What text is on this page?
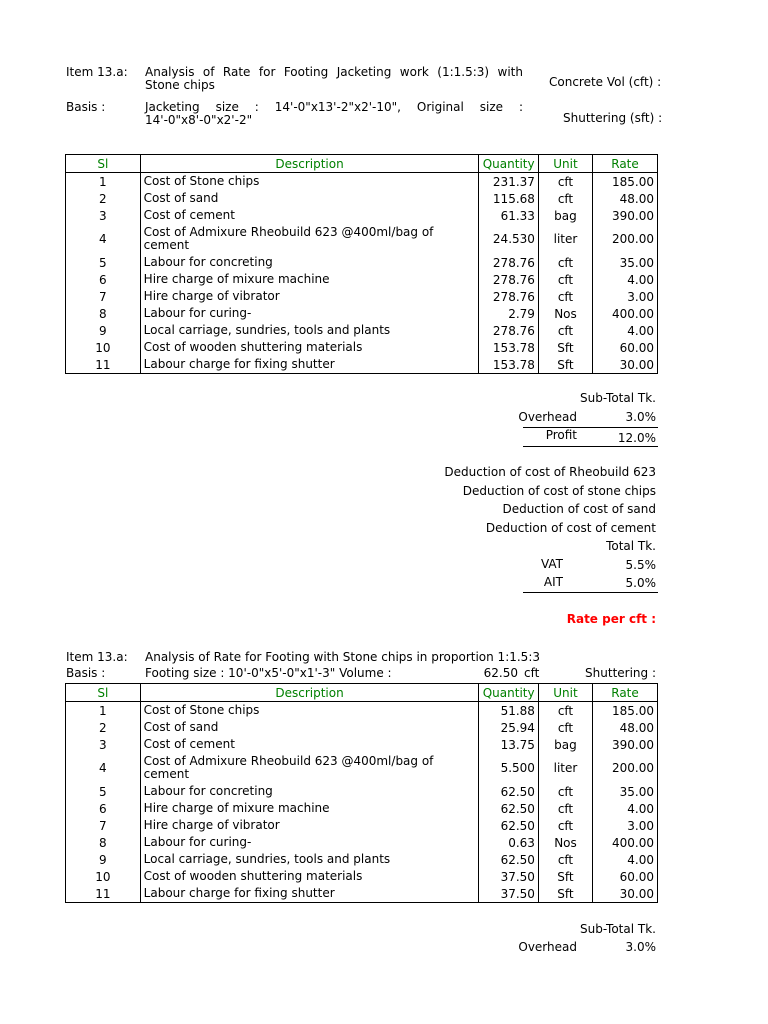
Item 13.a: Analysis of Rate for Footing Jacketing work (1:1.5:3) with Stone chips	Concrete Vol (cft) :
Basis :	Jacketing size : 14'-0"x13'-2"x2'-10", Original size : 14'-0"x8'-0"x2'-2"	Shuttering (sft) :
Sl	Description	Quantity	Unit	Rate
1	Cost of Stone chips	231.37	cft	185.00
2	Cost of sand	115.68	cft	48.00
3	Cost of cement	61.33	bag	390.00
4	Cost of Admixure Rheobuild 623 @400ml/bag of cement	24.530	liter	200.00
5	Labour for concreting	278.76	cft	35.00
6	Hire charge of mixure machine	278.76	cft	4.00
7	Hire charge of vibrator	278.76	cft	3.00
8	Labour for curing-	2.79	Nos	400.00
9	Local carriage, sundries, tools and plants	278.76	cft	4.00
10	Cost of wooden shuttering materials	153.78	Sft	60.00
11	Labour charge for fixing shutter	153.78	Sft	30.00
Sub-Total Tk.
Overhead	3.0%
Profit	12.0%
Deduction of cost of Rheobuild 623
Deduction of cost of stone chips
Deduction of cost of sand
Deduction of cost of cement
Total Tk.
VAT	5.5%
AIT	5.0%
Rate per cft :
Item 13.a: Analysis of Rate for Footing with Stone chips in proportion 1:1.5:3
Basis :	Footing size : 10'-0"x5'-0"x1'-3" Volume :	62.50 cft	Shuttering :
Sl	Description	Quantity	Unit	Rate
1	Cost of Stone chips	51.88	cft	185.00
2	Cost of sand	25.94	cft	48.00
3	Cost of cement	13.75	bag	390.00
4	Cost of Admixure Rheobuild 623 @400ml/bag of cement	5.500	liter	200.00
5	Labour for concreting	62.50	cft	35.00
6	Hire charge of mixure machine	62.50	cft	4.00
7	Hire charge of vibrator	62.50	cft	3.00
8	Labour for curing-	0.63	Nos	400.00
9	Local carriage, sundries, tools and plants	62.50	cft	4.00
10	Cost of wooden shuttering materials	37.50	Sft	60.00
11	Labour charge for fixing shutter	37.50	Sft	30.00
Sub-Total Tk.
Overhead	3.0%
